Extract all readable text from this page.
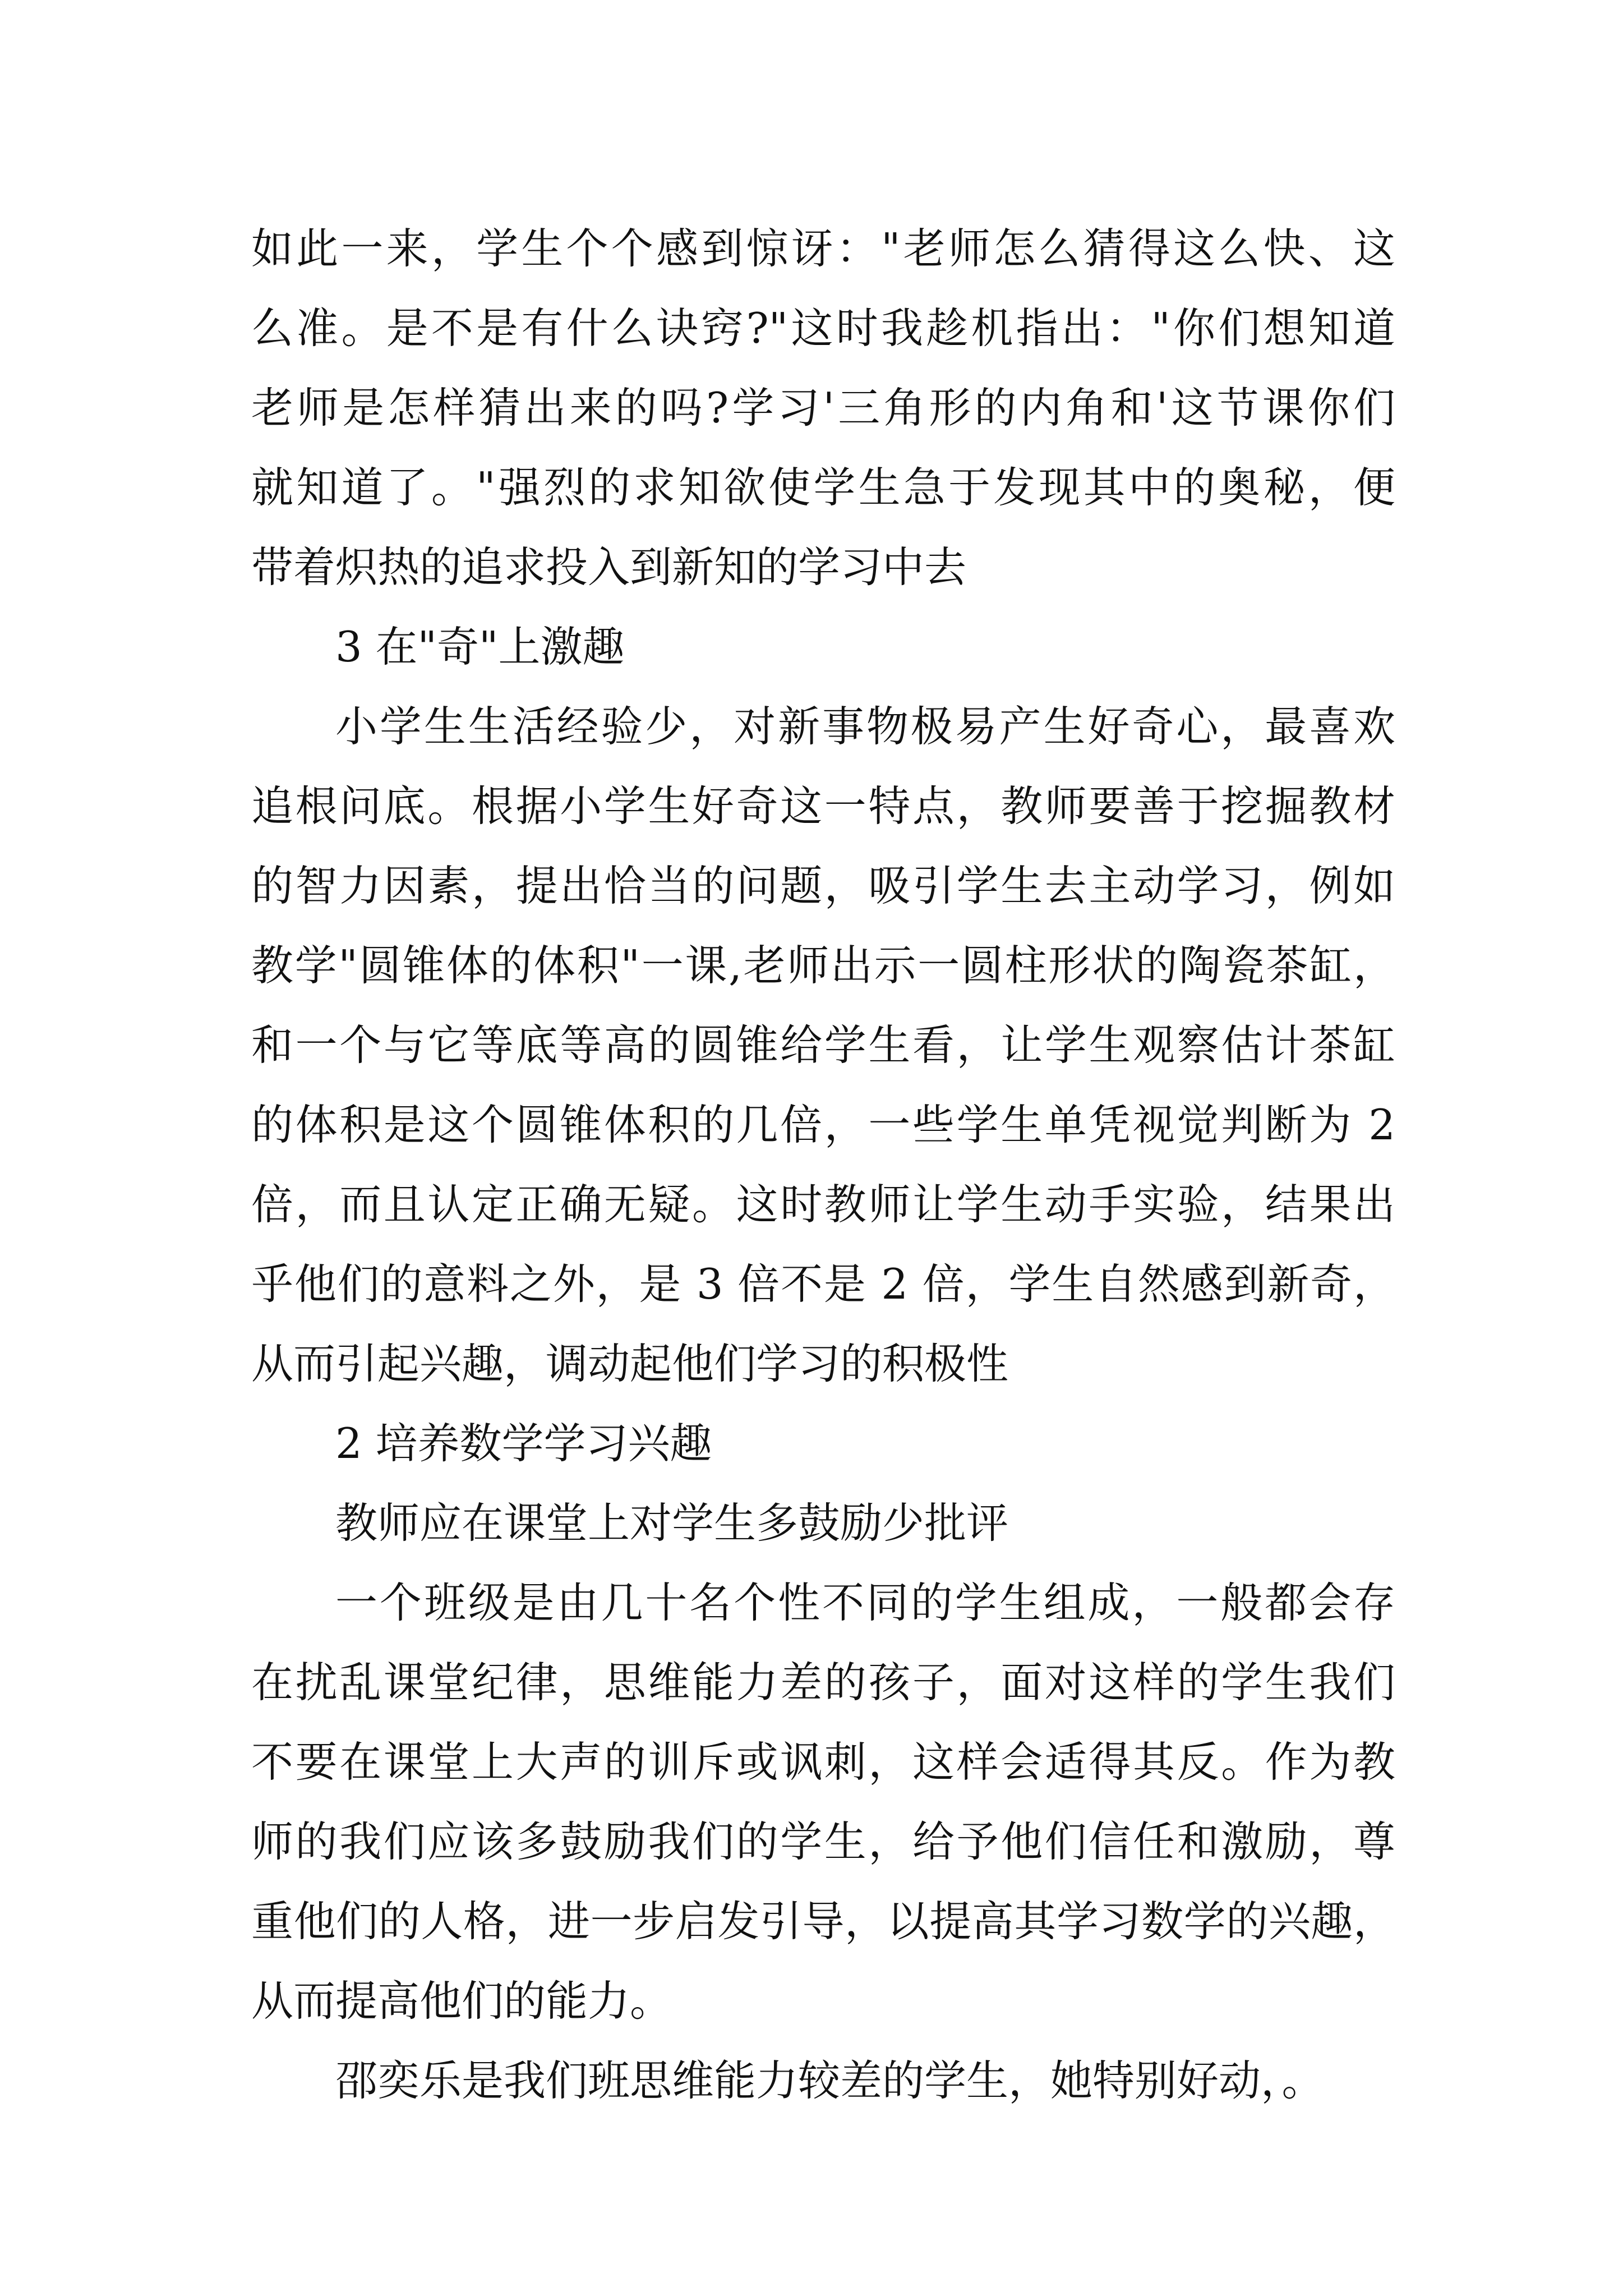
如此一来，学生个个感到惊讶："老师怎么猜得这么快、这
么准。是不是有什么诀窍?"这时我趁机指出："你们想知道
老师是怎样猜出来的吗?学习'三角形的内角和'这节课你们
就知道了。"强烈的求知欲使学生急于发现其中的奥秘，便
带着炽热的追求投入到新知的学习中去
3 在"奇"上激趣
小学生生活经验少，对新事物极易产生好奇心，最喜欢
追根问底。根据小学生好奇这一特点，教师要善于挖掘教材
的智力因素，提出恰当的问题，吸引学生去主动学习，例如
教学"圆锥体的体积"一课,老师出示一圆柱形状的陶瓷茶缸，
和一个与它等底等高的圆锥给学生看，让学生观察估计茶缸
的体积是这个圆锥体积的几倍，一些学生单凭视觉判断为 2
倍，而且认定正确无疑。这时教师让学生动手实验，结果出
乎他们的意料之外，是 3 倍不是 2 倍，学生自然感到新奇，
从而引起兴趣，调动起他们学习的积极性
2 培养数学学习兴趣
教师应在课堂上对学生多鼓励少批评
一个班级是由几十名个性不同的学生组成，一般都会存
在扰乱课堂纪律，思维能力差的孩子，面对这样的学生我们
不要在课堂上大声的训斥或讽刺，这样会适得其反。作为教
师的我们应该多鼓励我们的学生，给予他们信任和激励，尊
重他们的人格，进一步启发引导，以提高其学习数学的兴趣，
从而提高他们的能力。
邵奕乐是我们班思维能力较差的学生，她特别好动，。
